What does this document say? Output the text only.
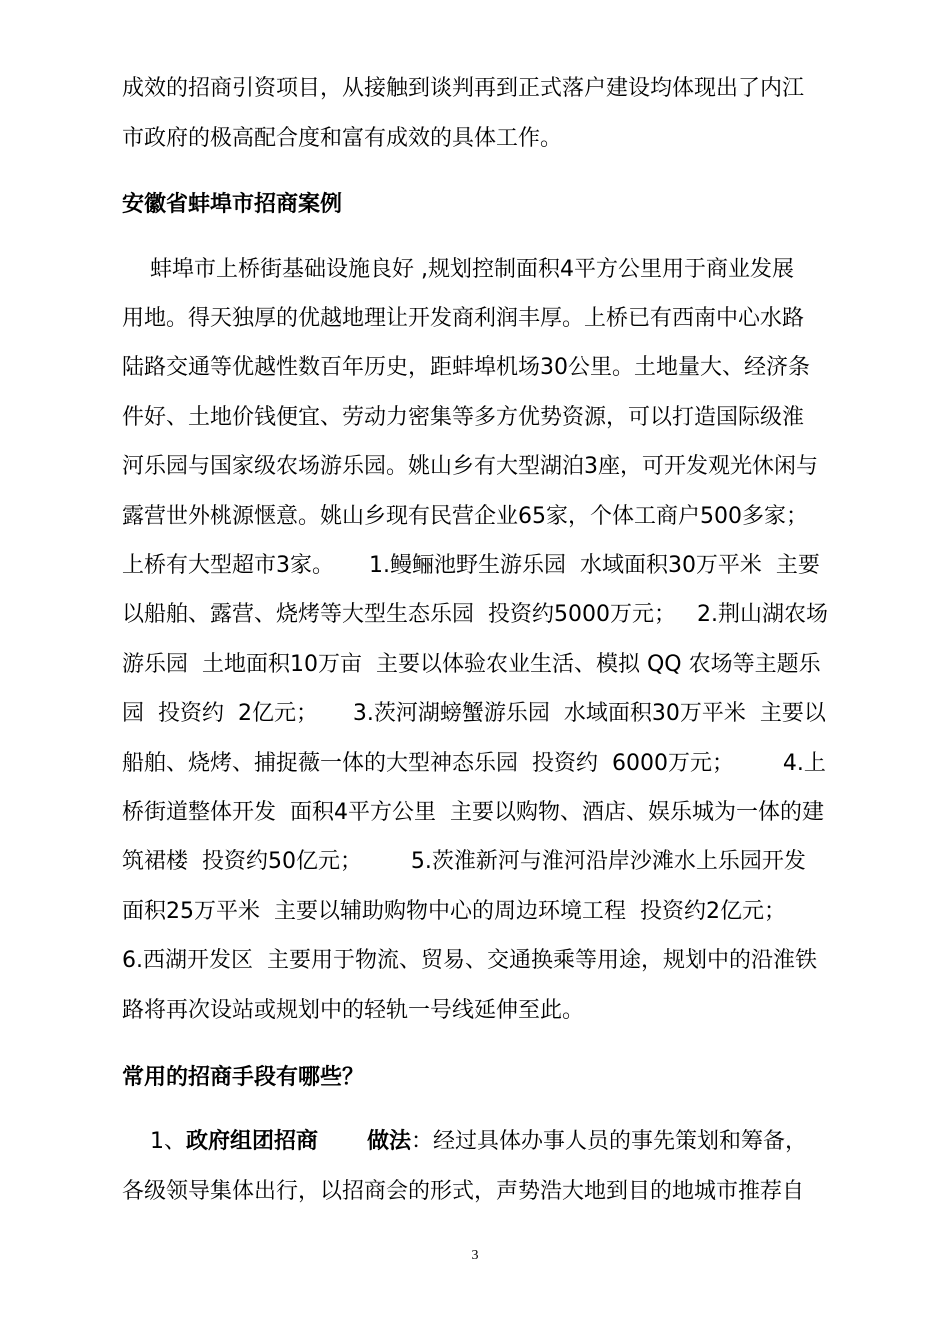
成效的招商引资项目，从接触到谈判再到正式落户建设均体现出了内江
市政府的极高配合度和富有成效的具体工作。
安徽省蚌埠市招商案例
蚌埠市上桥街基础设施良好 ,规划控制面积4平方公里用于商业发展
用地。得天独厚的优越地理让开发商利润丰厚。上桥已有西南中心水路
陆路交通等优越性数百年历史，距蚌埠机场30公里。土地量大、经济条
件好、土地价钱便宜、劳动力密集等多方优势资源，可以打造国际级淮
河乐园与国家级农场游乐园。姚山乡有大型湖泊3座，可开发观光休闲与
露营世外桃源惬意。姚山乡现有民营企业65家，个体工商户500多家；
上桥有大型超市3家。     1.鳗鲡池野生游乐园  水域面积30万平米  主要
以船舶、露营、烧烤等大型生态乐园  投资约5000万元；   2.荆山湖农场
游乐园  土地面积10万亩  主要以体验农业生活、模拟 QQ 农场等主题乐
园  投资约  2亿元；     3.茨河湖螃蟹游乐园  水域面积30万平米  主要以
船舶、烧烤、捕捉薇一体的大型神态乐园  投资约  6000万元；       4.上
桥街道整体开发  面积4平方公里  主要以购物、酒店、娱乐城为一体的建
筑裙楼  投资约50亿元；       5.茨淮新河与淮河沿岸沙滩水上乐园开发
面积25万平米  主要以辅助购物中心的周边环境工程  投资约2亿元；
6.西湖开发区  主要用于物流、贸易、交通换乘等用途，规划中的沿淮铁
路将再次设站或规划中的轻轨一号线延伸至此。
常用的招商手段有哪些？
1、政府组团招商 做法：经过具体办事人员的事先策划和筹备，
各级领导集体出行，以招商会的形式，声势浩大地到目的地城市推荐自
3
